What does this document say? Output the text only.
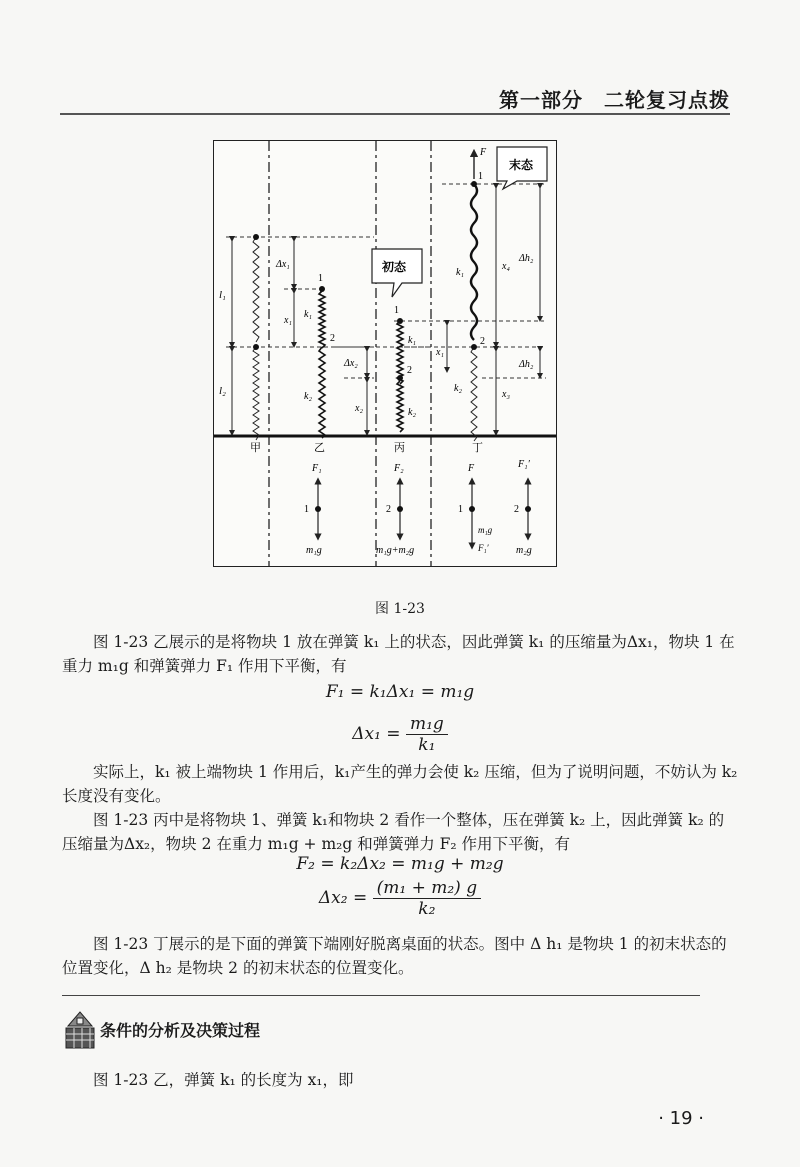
第一部分　二轮复习点拨
l₁
l₂
Δx₁
x₁
k₁
k₂
1
2
Δx₂
x₂
k₁
k₂
1
2
初态
F
1
2
k₁
k₂
x₁
x₄
x₃
Δh₂
Δh₂
末态
甲	乙	丙	丁
1	2	1	2
F₁
m₁g
F₂
m₁g+m₂g
F
m₁g
F₁′
F₁′
m₂g
图 1-23

图 1-23 乙展示的是将物块 1 放在弹簧 k₁ 上的状态，因此弹簧 k₁ 的压缩量为Δx₁，物块 1 在重力 m₁g 和弹簧弹力 F₁ 作用下平衡，有

F₁ = k₁Δx₁ = m₁g
$\Delta x_1 = \frac{\text{m₁g}}{\text{k₁}}$

实际上，k₁ 被上端物块 1 作用后，k₁产生的弹力会使 k₂ 压缩，但为了说明问题，不妨认为 k₂ 长度没有变化。

图 1-23 丙中是将物块 1、弹簧 k₁和物块 2 看作一个整体，压在弹簧 k₂ 上，因此弹簧 k₂ 的压缩量为Δx₂，物块 2 在重力 m₁g + m₂g 和弹簧弹力 F₂ 作用下平衡，有

F₂ = k₂Δx₂ = m₁g + m₂g
$\Delta x_2 = \frac{\text{(m₁ + m₂) g}}{\text{k₂}}$

图 1-23 丁展示的是下面的弹簧下端刚好脱离桌面的状态。图中 Δ h₁ 是物块 1 的初末状态的位置变化，Δ h₂ 是物块 2 的初末状态的位置变化。

条件的分析及决策过程

图 1-23 乙，弹簧 k₁ 的长度为 x₁，即

· 19 ·
